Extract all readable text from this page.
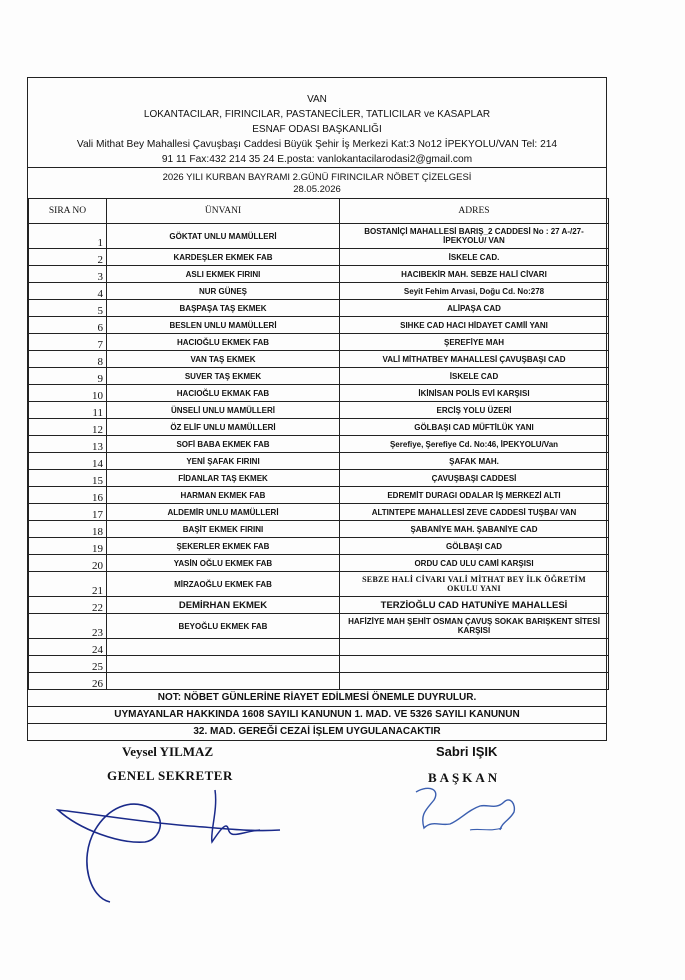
VAN
LOKANTACILAR, FIRINCILAR, PASTANECİLER, TATLICILAR ve KASAPLAR
ESNAF ODASI BAŞKANLIĞI
Vali Mithat Bey Mahallesi Çavuşbaşı Caddesi Büyük Şehir İş Merkezi Kat:3 No12 İPEKYOLU/VAN Tel: 214
91 11 Fax:432 214 35 24 E.posta: vanlokantacilarodasi2@gmail.com
2026 YILI KURBAN BAYRAMI 2.GÜNÜ FIRINCILAR NÖBET ÇİZELGESİ
28.05.2026
SIRA NO	ÜNVANI	ADRES
1	GÖKTAT UNLU MAMÜLLERİ	BOSTANİÇİ MAHALLESİ BARIŞ_2 CADDESİ No : 27 A-/27-
İPEKYOLU/ VAN

2	KARDEŞLER EKMEK FAB	İSKELE CAD.

3	ASLI EKMEK FIRINI	HACIBEKİR MAH. SEBZE HALİ CİVARI

4	NUR GÜNEŞ	Seyit Fehim Arvasi, Doğu Cd. No:278

5	BAŞPAŞA TAŞ EKMEK	ALİPAŞA CAD

6	BESLEN UNLU MAMÜLLERİ	SIHKE CAD HACI HİDAYET CAMİİ YANI

7	HACIOĞLU EKMEK FAB	ŞEREFİYE MAH

8	VAN TAŞ EKMEK	VALİ MİTHATBEY MAHALLESİ ÇAVUŞBAŞI CAD

9	SUVER TAŞ EKMEK	İSKELE CAD

10	HACIOĞLU EKMAK FAB	İKİNİSAN POLİS EVİ KARŞISI

11	ÜNSELİ UNLU MAMÜLLERİ	ERCİŞ YOLU ÜZERİ

12	ÖZ ELİF UNLU MAMÜLLERİ	GÖLBAŞI CAD MÜFTİLÜK YANI

13	SOFİ BABA EKMEK FAB	Şerefiye, Şerefiye Cd. No:46, İPEKYOLU/Van

14	YENİ ŞAFAK FIRINI	ŞAFAK MAH.

15	FİDANLAR TAŞ EKMEK	ÇAVUŞBAŞI CADDESİ

16	HARMAN EKMEK FAB	EDREMİT DURAGI ODALAR İŞ MERKEZİ ALTI

17	ALDEMİR UNLU MAMÜLLERİ	ALTINTEPE MAHALLESİ ZEVE CADDESİ TUŞBA/ VAN

18	BAŞİT EKMEK FIRINI	ŞABANİYE MAH. ŞABANİYE CAD

19	ŞEKERLER EKMEK FAB	GÖLBAŞI CAD

20	YASİN OĞLU EKMEK FAB	ORDU CAD ULU CAMİ KARŞISI

21	MİRZAOĞLU EKMEK FAB	SEBZE HALİ CİVARI VALİ MİTHAT BEY İLK ÖĞRETİM
OKULU YANI

22	DEMİRHAN EKMEK	TERZİOĞLU CAD HATUNİYE MAHALLESİ

23	BEYOĞLU EKMEK FAB	HAFİZİYE MAH ŞEHİT OSMAN ÇAVUŞ SOKAK BARIŞKENT SİTESİ
KARŞISI

24		

25		

26		
NOT: NÖBET GÜNLERİNE RİAYET EDİLMESİ ÖNEMLE DUYRULUR.
UYMAYANLAR HAKKINDA 1608 SAYILI KANUNUN 1. MAD. VE 5326 SAYILI KANUNUN
32. MAD. GEREĞİ CEZAİ İŞLEM UYGULANACAKTIR
Veysel YILMAZ
GENEL SEKRETER
Sabri IŞIK
BAŞKAN
